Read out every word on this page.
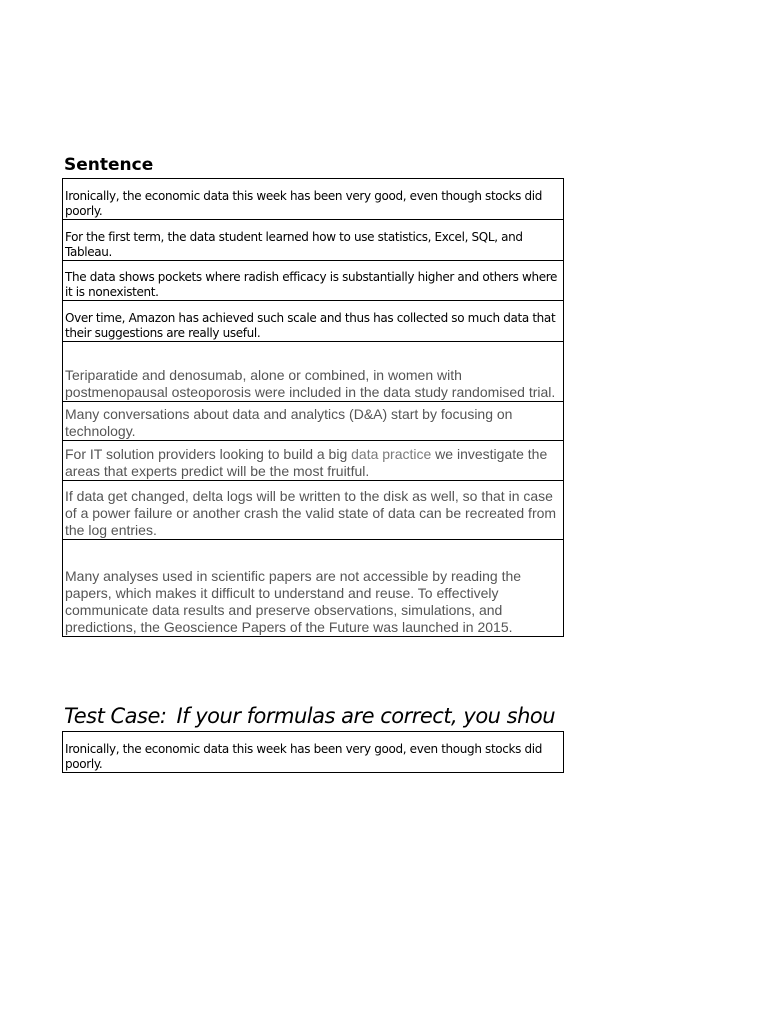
Sentence
Ironically, the economic data this week has been very good, even though stocks did poorly.
For the first term, the data student learned how to use statistics, Excel, SQL, and Tableau.
The data shows pockets where radish efficacy is substantially higher and others where it is nonexistent.
Over time, Amazon has achieved such scale and thus has collected so much data that their suggestions are really useful.
Teriparatide and denosumab, alone or combined, in women with postmenopausal osteoporosis were included in the data study randomised trial.
Many conversations about data and analytics (D&A) start by focusing on technology.
For IT solution providers looking to build a big data practice we investigate the areas that experts predict will be the most fruitful.
If data get changed, delta logs will be written to the disk as well, so that in case of a power failure or another crash the valid state of data can be recreated from the log entries.
Many analyses used in scientific papers are not accessible by reading the papers, which makes it difficult to understand and reuse. To effectively communicate data results and preserve observations, simulations, and predictions, the Geoscience Papers of the Future was launched in 2015.
Test Case: If your formulas are correct, you shou
Ironically, the economic data this week has been very good, even though stocks did poorly.
